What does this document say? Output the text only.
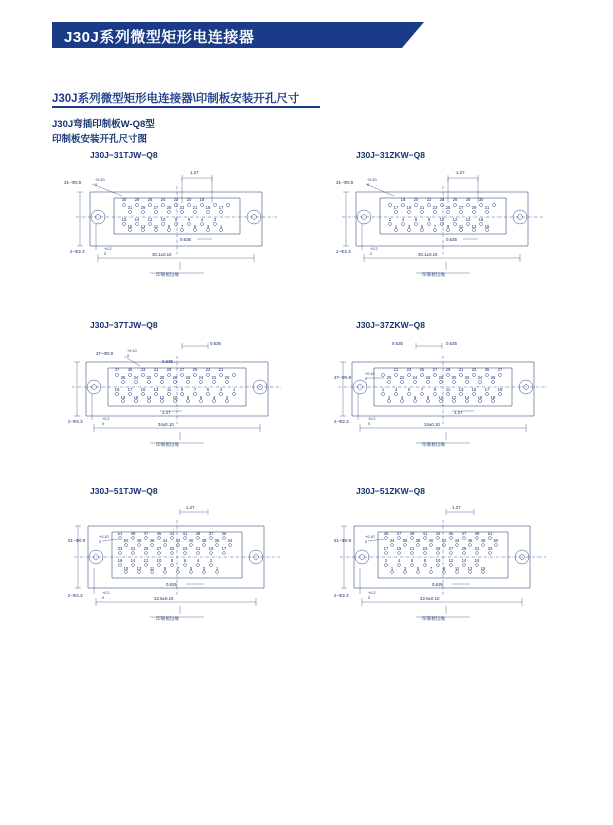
J30J系列微型矩形电连接器
J30J系列微型矩形电连接器\印制板安装开孔尺寸
J30J弯插印制板W-Q8型
印制板安装开孔尺寸图
J30J−31TJW−Q8
30 28 26 24 22 20 18
31 29 27 25 23 21 19 17
16 14 12 10 8	6	4	2
15 13 11 9	7	5	3	1
31−Φ0.9	+0.10
0
1.27
0.635
30.1±0.10
2−Φ2.3	+0.2
0
印制板边缘
J30J−31ZKW−Q8
18 20 22 24 26 28 30
17 19 21 23 25 27 29 31
2	4	6	8 10 12 14 16
1	3	5	7	9 11 13 15
31−Φ0.9	+0.10
0
1.27
0.635
30.1±0.10
2−Φ2.3	+0.2
0
印制板边缘
J30J−37TJW−Q8
37 35 33 31 29 27 25 23 21
36 34 32 30 28 26 24 22 20
19 17 15 13 11 9	7	5	3	1
18 16 14 12 10 8	6	4	2
37−Φ0.9	+0.10
0
0.635
0.635
34±0.10
1.27
2−Φ2.3	+0.2
0
印制板边缘
J30J−37ZKW−Q8
21 23 25 27 29 31 33 35 37
20 22 24 26 28 30 32 34 36
1	3	5	7	9 11 13 15 17 19
2	4	6	8 10 12 14 16 18
37−Φ0.9
+0.10
0
0.635	0.635
34±0.10
1.27
2−Φ2.3	+0.2
0
印制板边缘
J30J−51TJW−Q8
51 49 47 45 43 41 39 37 35
50 48 46 44 42 40 38 36 34
33 31 29 27 25 23 21 19 17
16 14 12 10 8	6	4	2
15 13 11 9	7	5	3	1
51−Φ0.9
+0.10
0
1.27
0.635
32.6±0.10
2−Φ2.3	+0.2
0
印制板边缘
J30J−51ZKW−Q8
35 37 39 41 43 45 47 49 51
34 36 38 40 42 44 46 48 50
17 19 21 23 25 27 29 31 33
2	4	6	8 10 12 14 16
1	3	5	7	9 11 13 15
51−Φ0.9
+0.10
0
1.27
0.635
32.6±0.10
2−Φ2.3	+0.2
0
印制板边缘
